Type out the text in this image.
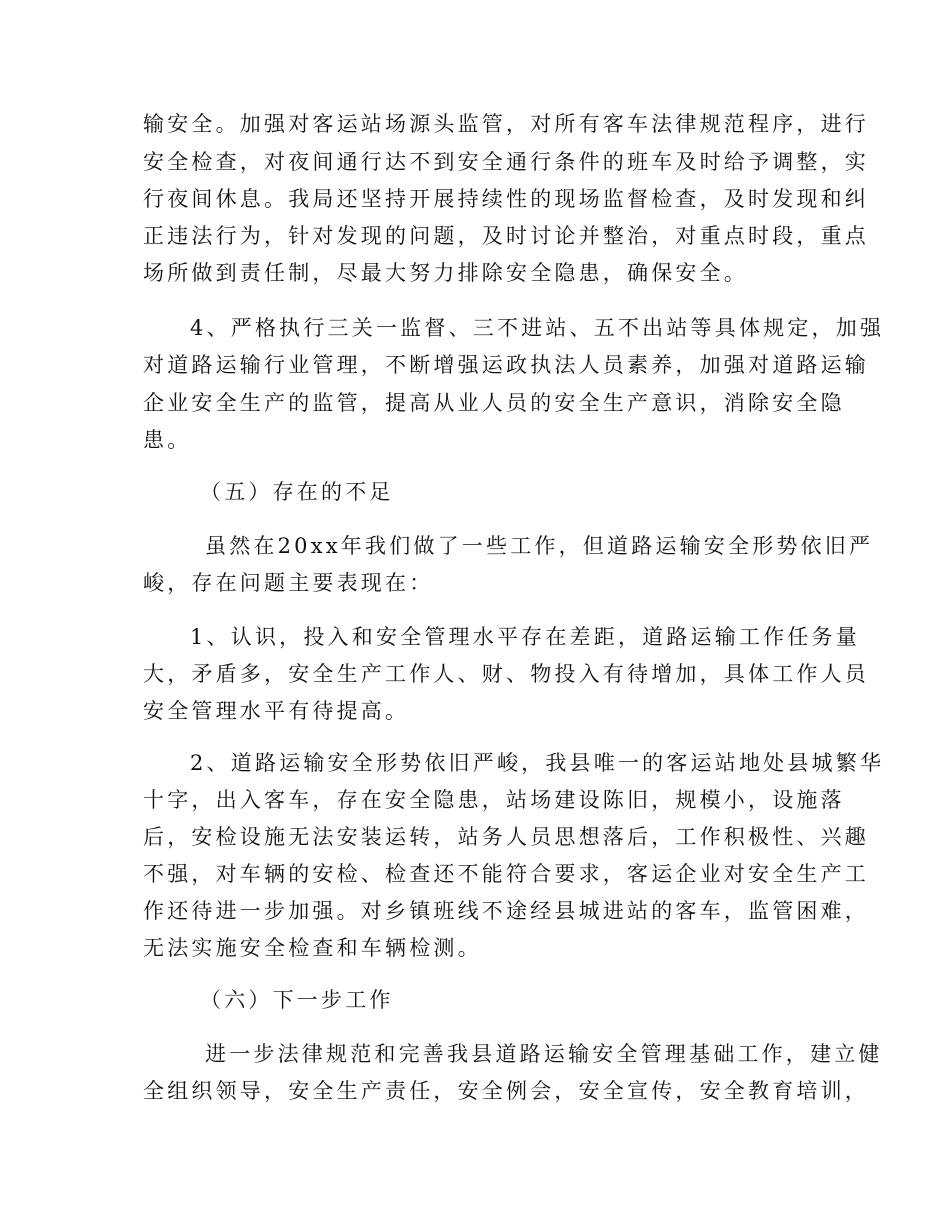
输安全。加强对客运站场源头监管，对所有客车法律规范程序，进行
安全检查，对夜间通行达不到安全通行条件的班车及时给予调整，实
行夜间休息。我局还坚持开展持续性的现场监督检查，及时发现和纠
正违法行为，针对发现的问题，及时讨论并整治，对重点时段，重点
场所做到责任制，尽最大努力排除安全隐患，确保安全。
4、严格执行三关一监督、三不进站、五不出站等具体规定，加强
对道路运输行业管理，不断增强运政执法人员素养，加强对道路运输
企业安全生产的监管，提高从业人员的安全生产意识，消除安全隐
患。
（五）存在的不足
虽然在20xx年我们做了一些工作，但道路运输安全形势依旧严
峻，存在问题主要表现在：
1、认识，投入和安全管理水平存在差距，道路运输工作任务量
大，矛盾多，安全生产工作人、财、物投入有待增加，具体工作人员
安全管理水平有待提高。
2、道路运输安全形势依旧严峻，我县唯一的客运站地处县城繁华
十字，出入客车，存在安全隐患，站场建设陈旧，规模小，设施落
后，安检设施无法安装运转，站务人员思想落后，工作积极性、兴趣
不强，对车辆的安检、检查还不能符合要求，客运企业对安全生产工
作还待进一步加强。对乡镇班线不途经县城进站的客车，监管困难，
无法实施安全检查和车辆检测。
（六）下一步工作
进一步法律规范和完善我县道路运输安全管理基础工作，建立健
全组织领导，安全生产责任，安全例会，安全宣传，安全教育培训，
